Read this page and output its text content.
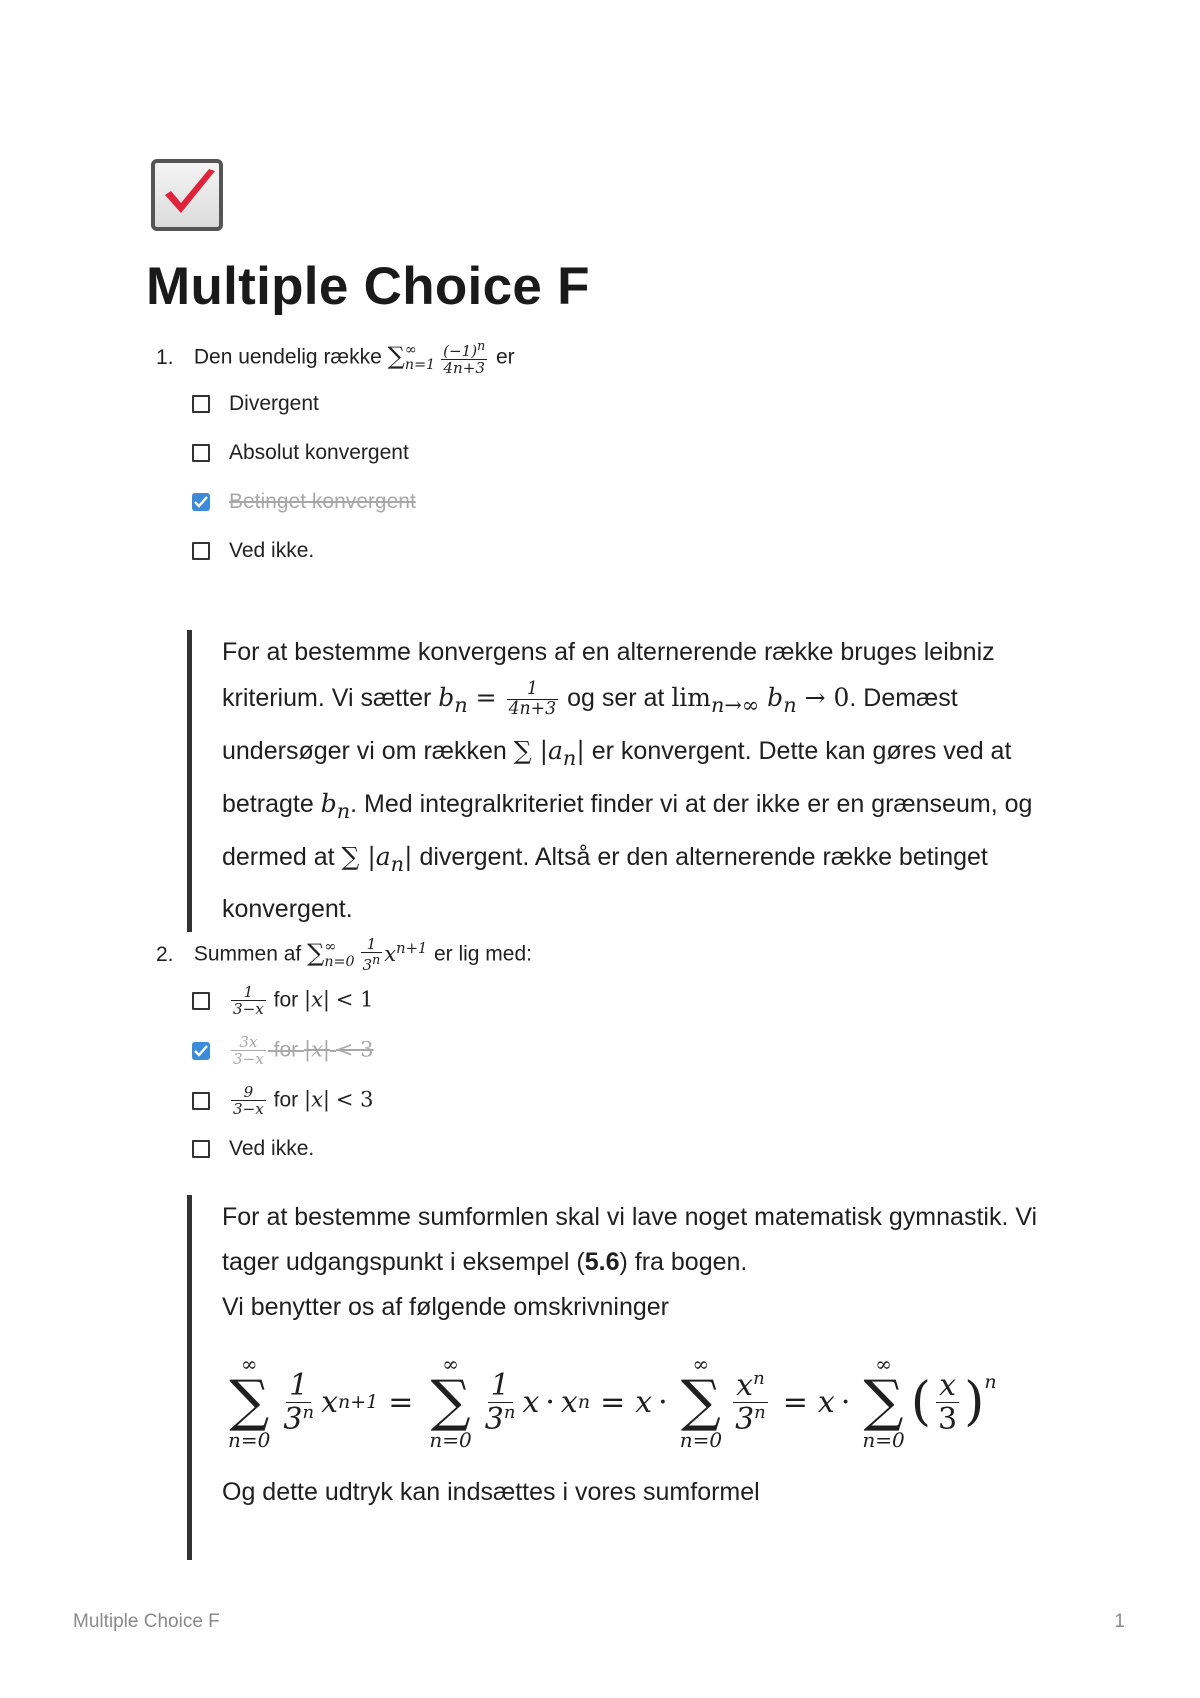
Multiple Choice F
1. Den uendelig række ∑ ∞
$n=1 \frac{(-1)^n}{4n+3}$ er
Divergent
Absolut konvergent
Betinget konvergent
Ved ikke.

For at bestemme konvergens af en alternerende række bruges leibniz kriterium. Vi sætter $b_n = \frac{1}{4n+3}$ og ser at $\lim_{n\to\infty} b_n \to 0$. Demæst undersøger vi om rækken ∑ $|a_n|$ er konvergent. Dette kan gøres ved at betragte $b_n$. Med integralkriteriet finder vi at der ikke er en grænseum, og dermed at ∑ $|a_n|$ divergent. Altså er den alternerende række betinget konvergent.

2. Summen af ∑ ∞
$n=0 \frac{1}{3^n} x^{n+1}$ er lig med:
$\frac{1}{3-x}$ for |x| < 1
$\frac{3x}{3-x}$ for |x| < 3
$\frac{9}{3-x}$ for |x| < 3
Ved ikke.

For at bestemme sumformlen skal vi lave noget matematisk gymnastik. Vi tager udgangspunkt i eksempel (5.6) fra bogen.

Vi benytter os af følgende omskrivninger

∞
∑
n=0
1
3$^n$ x n+1 =
∞
∑
n=0
1
3$^n$ x · x n = x ·
∞
∑
n=0
$\frac{x^n}{3^n} = x$ ·
∞
∑
n=0
( x
3 )$^n$

Og dette udtryk kan indsættes i vores sumformel

Multiple Choice F	1
